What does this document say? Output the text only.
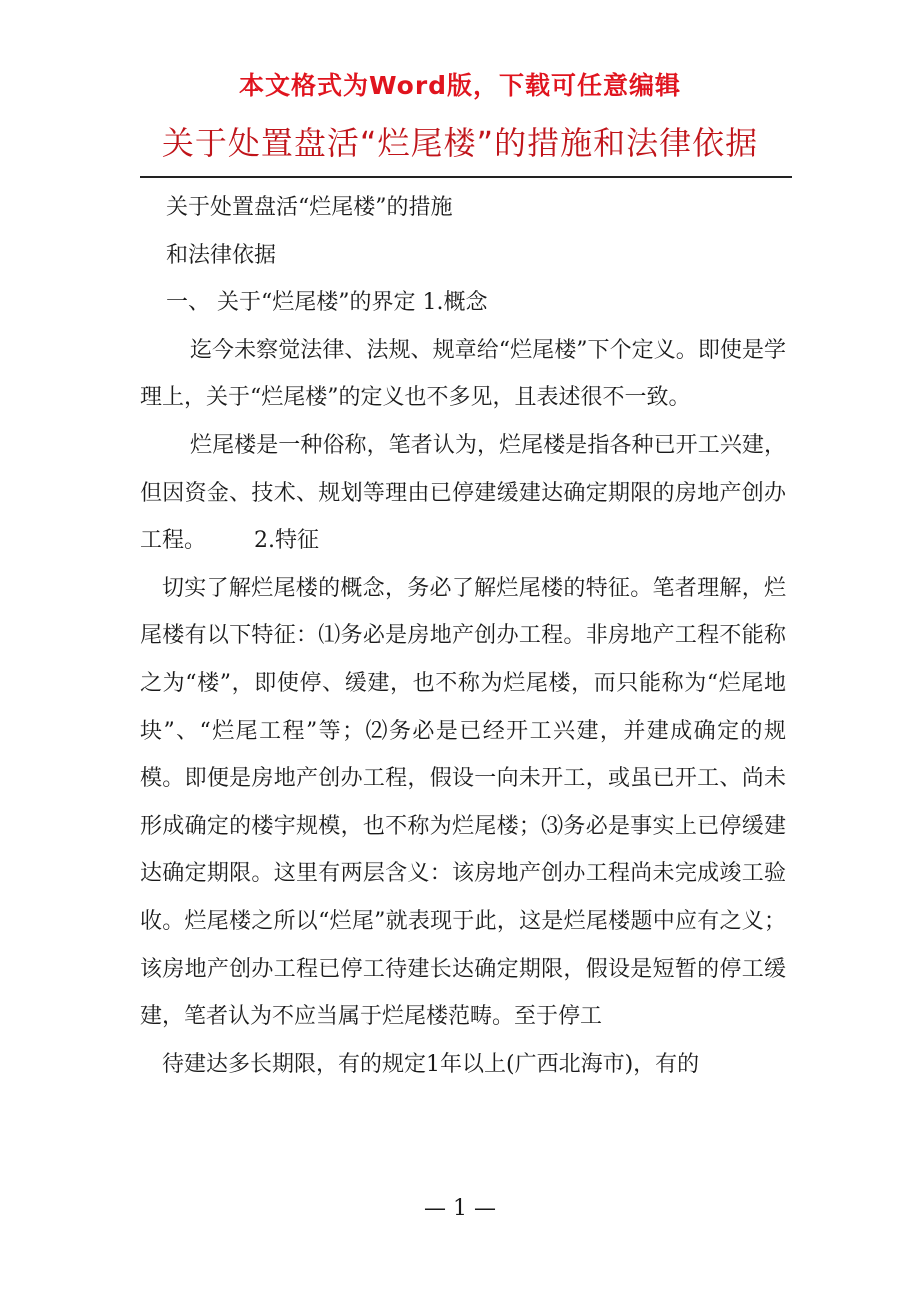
本文格式为Word版，下载可任意编辑
关于处置盘活“烂尾楼”的措施和法律依据

关于处置盘活“烂尾楼”的措施

和法律依据

一、 关于“烂尾楼”的界定 1.概念

迄今未察觉法律、法规、规章给“烂尾楼”下个定义。即使是学理上，关于“烂尾楼”的定义也不多见，且表述很不一致。

烂尾楼是一种俗称，笔者认为，烂尾楼是指各种已开工兴建，但因资金、技术、规划等理由已停建缓建达确定期限的房地产创办工程。 2.特征

切实了解烂尾楼的概念，务必了解烂尾楼的特征。笔者理解，烂尾楼有以下特征：⑴务必是房地产创办工程。非房地产工程不能称之为“楼”，即使停、缓建，也不称为烂尾楼，而只能称为“烂尾地块”、“烂尾工程”等；⑵务必是已经开工兴建，并建成确定的规模。即便是房地产创办工程，假设一向未开工，或虽已开工、尚未形成确定的楼宇规模，也不称为烂尾楼；⑶务必是事实上已停缓建达确定期限。这里有两层含义：该房地产创办工程尚未完成竣工验收。烂尾楼之所以“烂尾”就表现于此，这是烂尾楼题中应有之义；该房地产创办工程已停工待建长达确定期限，假设是短暂的停工缓建，笔者认为不应当属于烂尾楼范畴。至于停工

待建达多长期限，有的规定1年以上(广西北海市)，有的

— 1 —
